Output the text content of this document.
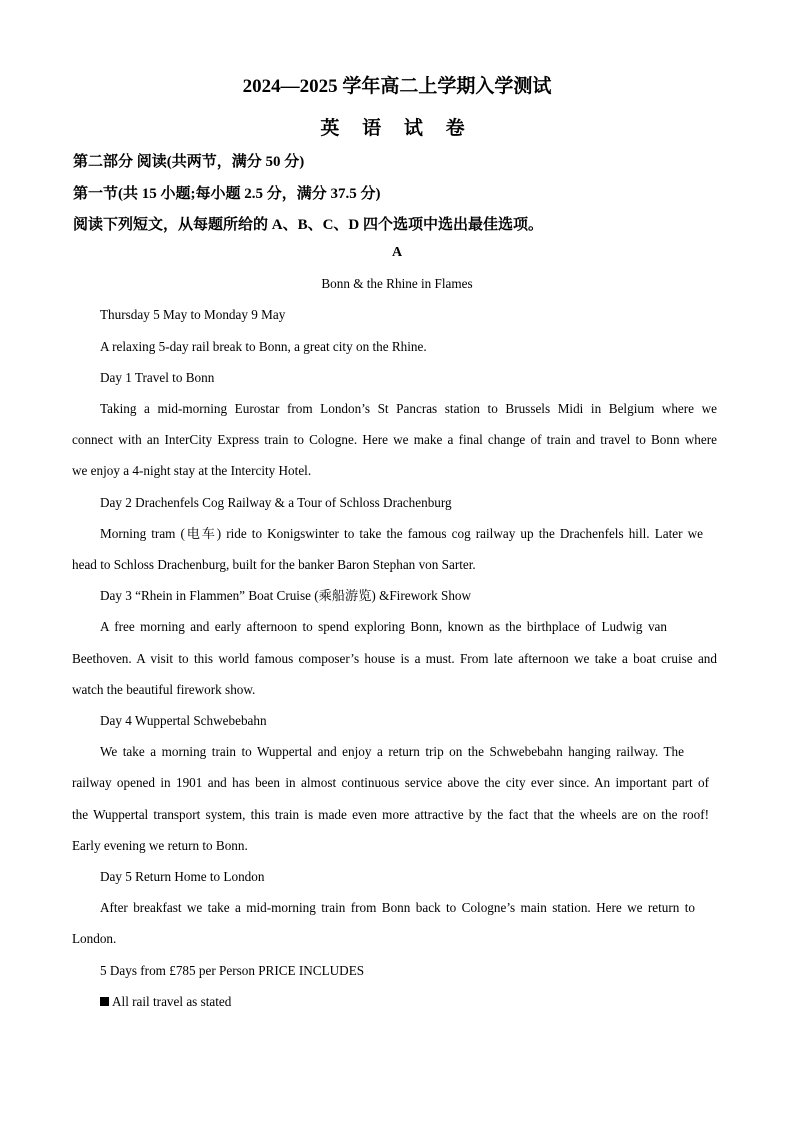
2024—2025 学年高二上学期入学测试
英 语 试 卷
第二部分 阅读(共两节，满分 50 分)
第一节(共 15 小题;每小题 2.5 分，满分 37.5 分)
阅读下列短文，从每题所给的 A、B、C、D 四个选项中选出最佳选项。
A
Bonn & the Rhine in Flames
Thursday 5 May to Monday 9 May
A relaxing 5-day rail break to Bonn, a great city on the Rhine.
Day 1 Travel to Bonn
Taking a mid-morning Eurostar from London’s St Pancras station to Brussels Midi in Belgium where we
connect with an InterCity Express train to Cologne. Here we make a final change of train and travel to Bonn where
we enjoy a 4-night stay at the Intercity Hotel.
Day 2 Drachenfels Cog Railway & a Tour of Schloss Drachenburg
Morning tram (电车) ride to Konigswinter to take the famous cog railway up the Drachenfels hill. Later we
head to Schloss Drachenburg, built for the banker Baron Stephan von Sarter.
Day 3 “Rhein in Flammen” Boat Cruise (乘船游览) &Firework Show
A free morning and early afternoon to spend exploring Bonn, known as the birthplace of Ludwig van
Beethoven. A visit to this world famous composer’s house is a must. From late afternoon we take a boat cruise and
watch the beautiful firework show.
Day 4 Wuppertal Schwebebahn
We take a morning train to Wuppertal and enjoy a return trip on the Schwebebahn hanging railway. The
railway opened in 1901 and has been in almost continuous service above the city ever since. An important part of
the Wuppertal transport system, this train is made even more attractive by the fact that the wheels are on the roof!
Early evening we return to Bonn.
Day 5 Return Home to London
After breakfast we take a mid-morning train from Bonn back to Cologne’s main station. Here we return to
London.
5 Days from £785 per Person PRICE INCLUDES
All rail travel as stated
